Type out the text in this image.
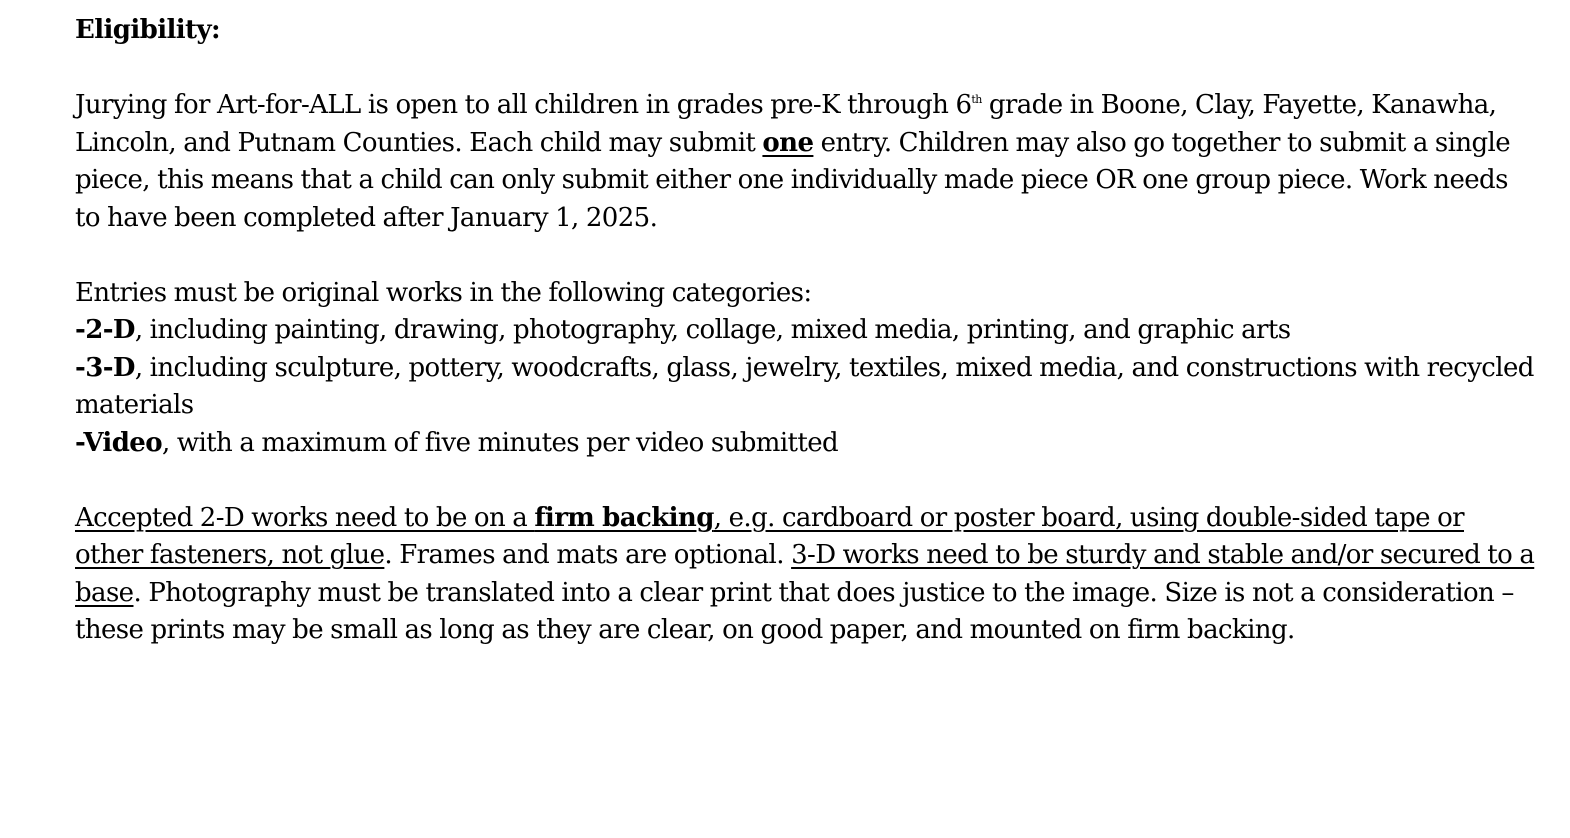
Eligibility:

Jurying for Art-for-ALL is open to all children in grades pre-K through 6th grade in Boone, Clay, Fayette, Kanawha, Lincoln, and Putnam Counties. Each child may submit one entry. Children may also go together to submit a single piece, this means that a child can only submit either one individually made piece OR one group piece. Work needs to have been completed after January 1, 2025.

Entries must be original works in the following categories:

-2-D, including painting, drawing, photography, collage, mixed media, printing, and graphic arts

-3-D, including sculpture, pottery, woodcrafts, glass, jewelry, textiles, mixed media, and constructions with recycled materials

-Video, with a maximum of five minutes per video submitted

Accepted 2-D works need to be on a firm backing, e.g. cardboard or poster board, using double-sided tape or other fasteners, not glue. Frames and mats are optional. 3-D works need to be sturdy and stable and/or secured to a base. Photography must be translated into a clear print that does justice to the image. Size is not a consideration – these prints may be small as long as they are clear, on good paper, and mounted on firm backing.
